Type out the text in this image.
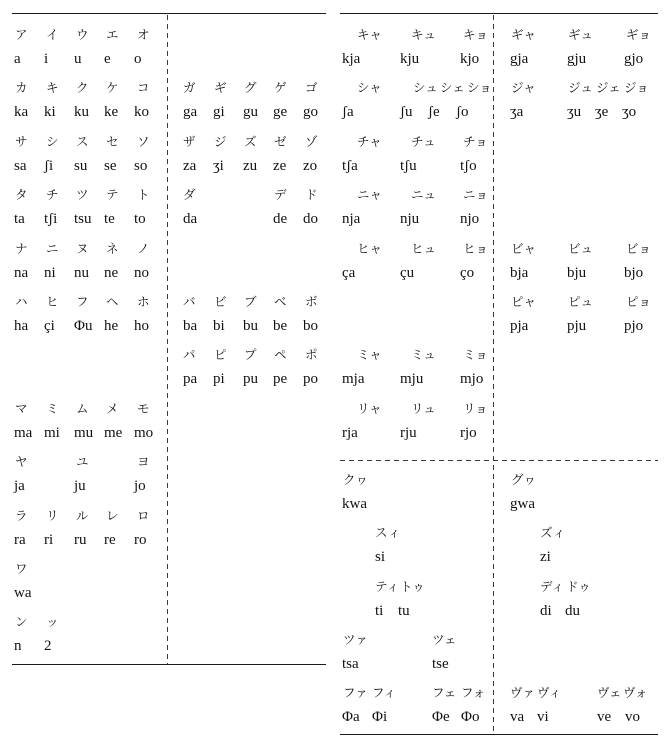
ア
a
イ
i
ウ
u
エ
e
オ
o
カ
ka
キ
ki
ク
ku
ケ
ke
コ
ko
サ
sa
シ
ʃi
ス
su
セ
se
ソ
so
タ
ta
チ
tʃi
ツ
tsu
テ
te
ト
to
ナ
na
ニ
ni
ヌ
nu
ネ
ne
ノ
no
ハ
ha
ヒ
çi
フ
Φu
ヘ
he
ホ
ho
マ
ma
ミ
mi
ム
mu
メ
me
モ
mo
ヤ
ja
ユ
ju
ヨ
jo
ラ
ra
リ
ri
ル
ru
レ
re
ロ
ro
ワ
wa
ン
n
ッ
2
ガ
ga
ギ
gi
グ
gu
ゲ
ge
ゴ
go
ザ
za
ジ
ʒi
ズ
zu
ゼ
ze
ゾ
zo
ダ
da
デ
de
ド
do
バ
ba
ビ
bi
ブ
bu
ベ
be
ボ
bo
パ
pa
ピ
pi
プ
pu
ペ
pe
ポ
po
キャ
kja
キュ
kju
キョ
kjo
シャ
ʃa
シュ
ʃu
シェ
ʃe
ショ
ʃo
チャ
tʃa
チュ
tʃu
チョ
tʃo
ニャ
nja
ニュ
nju
ニョ
njo
ヒャ
ça
ヒュ
çu
ヒョ
ço
ミャ
mja
ミュ
mju
ミョ
mjo
リャ
rja
リュ
rju
リョ
rjo
ギャ
gja
ギュ
gju
ギョ
gjo
ジャ
ʒa
ジュ
ʒu
ジェ
ʒe
ジョ
ʒo
ビャ
bja
ビュ
bju
ビョ
bjo
ピャ
pja
ピュ
pju
ピョ
pjo
クヮ
kwa
スィ
si
ティ
ti
トゥ
tu
ツァ
tsa
ツェ
tse
ファ
Φa
フィ
Φi
フェ
Φe
フォ
Φo
グヮ
gwa
ズィ
zi
ディ
di
ドゥ
du
ヴァ
va
ヴィ
vi
ヴェ
ve
ヴォ
vo
